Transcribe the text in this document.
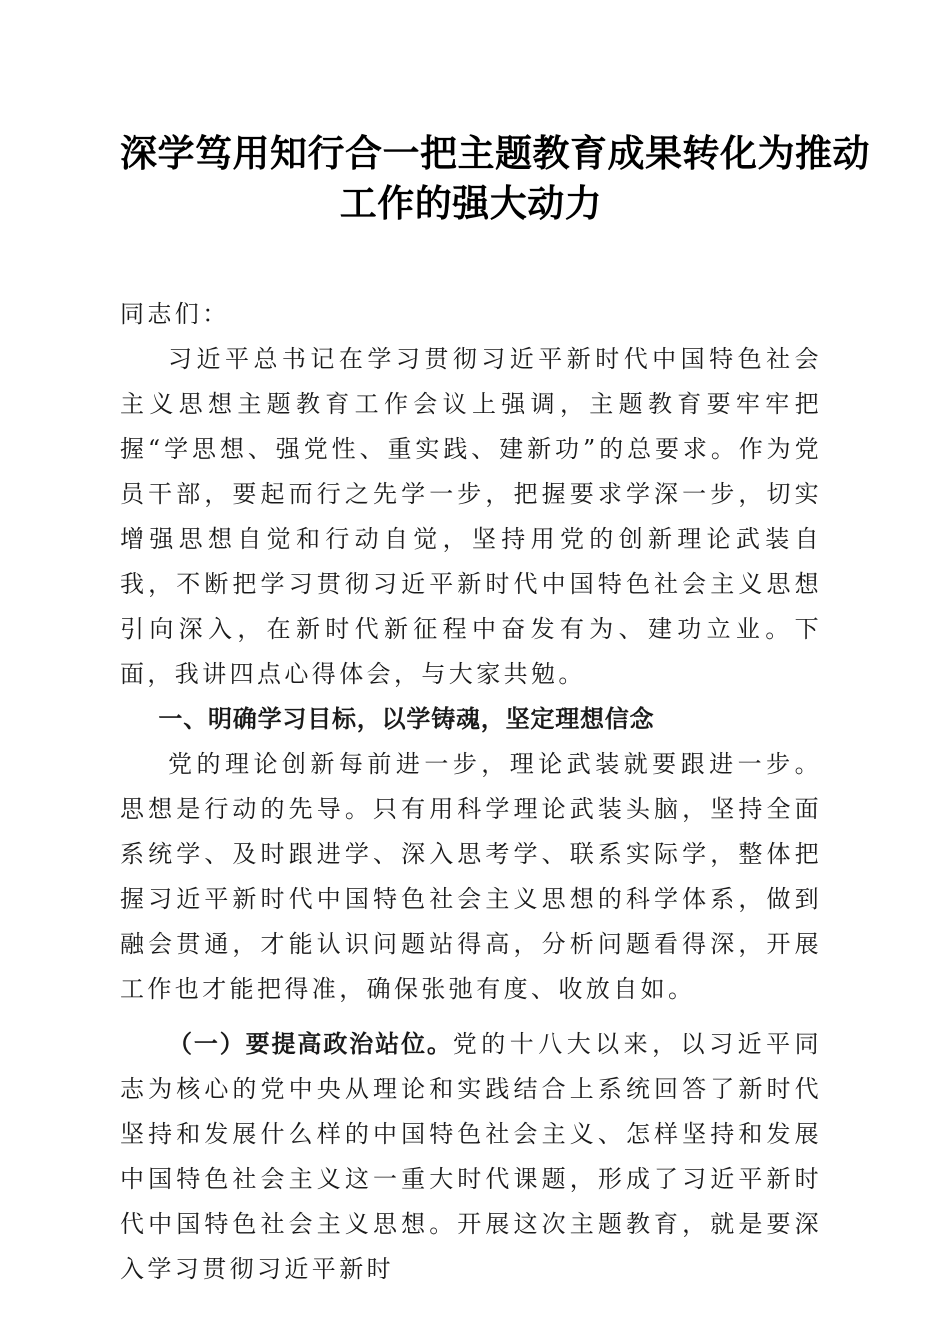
深学笃用知行合一把主题教育成果转化为推动
工作的强大动力

同志们：

习近平总书记在学习贯彻习近平新时代中国特色社会主义思想主题教育工作会议上强调，主题教育要牢牢把握“学思想、强党性、重实践、建新功”的总要求。作为党员干部，要起而行之先学一步，把握要求学深一步，切实增强思想自觉和行动自觉，坚持用党的创新理论武装自我，不断把学习贯彻习近平新时代中国特色社会主义思想引向深入，在新时代新征程中奋发有为、建功立业。下面，我讲四点心得体会，与大家共勉。

一、明确学习目标，以学铸魂，坚定理想信念

党的理论创新每前进一步，理论武装就要跟进一步。思想是行动的先导。只有用科学理论武装头脑，坚持全面系统学、及时跟进学、深入思考学、联系实际学，整体把握习近平新时代中国特色社会主义思想的科学体系，做到融会贯通，才能认识问题站得高，分析问题看得深，开展工作也才能把得准，确保张弛有度、收放自如。

（一）要提高政治站位。党的十八大以来，以习近平同志为核心的党中央从理论和实践结合上系统回答了新时代坚持和发展什么样的中国特色社会主义、怎样坚持和发展中国特色社会主义这一重大时代课题，形成了习近平新时代中国特色社会主义思想。开展这次主题教育，就是要深入学习贯彻习近平新时
